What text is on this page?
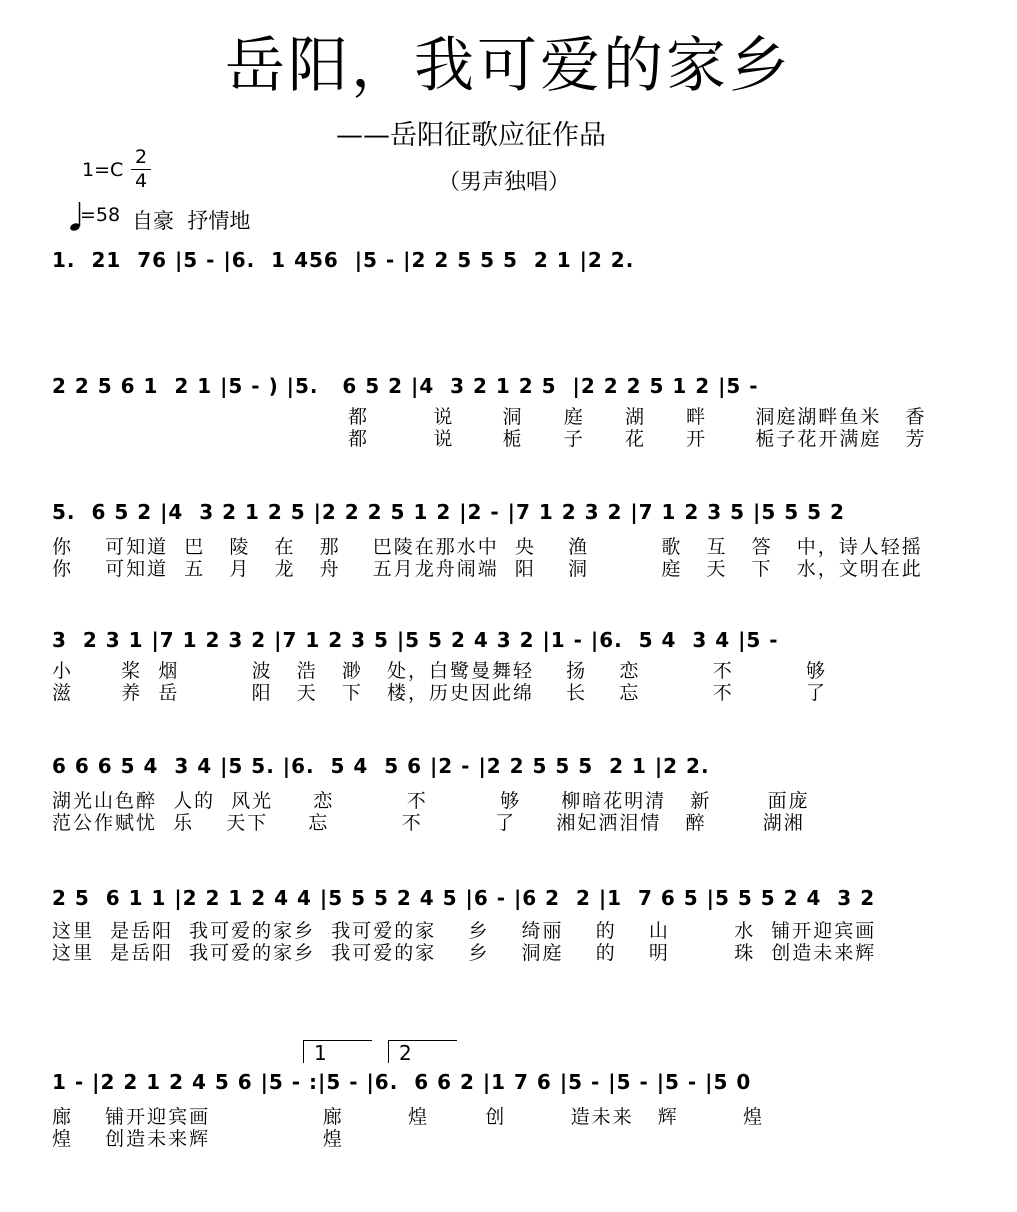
岳阳，我可爱的家乡
——岳阳征歌应征作品
（男声独唱）
1=C
2
4
=58 自豪  抒情地
1.  21  76 |5 - |6.  1 456  |5 - |2 2 5 5 5  2 1 |2 2.
2 2 5 6 1  2 1 |5 - ) |5.   6 5 2 |4  3 2 1 2 5  |2 2 2 5 1 2 |5 -
都        说      洞     庭     湖     畔      洞庭湖畔鱼米   香
都        说      栀     子     花     开      栀子花开满庭   芳
5.  6 5 2 |4  3 2 1 2 5 |2 2 2 5 1 2 |2 - |7 1 2 3 2 |7 1 2 3 5 |5 5 5 2
你    可知道  巴   陵   在   那    巴陵在那水中  央    渔         歌   互   答   中，诗人轻摇
你    可知道  五   月   龙   舟    五月龙舟闹端  阳    洞         庭   天   下   水，文明在此
3  2 3 1 |7 1 2 3 2 |7 1 2 3 5 |5 5 2 4 3 2 |1 - |6.  5 4  3 4 |5 -
小      桨  烟         波   浩   渺   处，白鹭曼舞轻    扬    恋         不         够
滋      养  岳         阳   天   下   楼，历史因此绵    长    忘         不         了
6 6 6 5 4  3 4 |5 5. |6.  5 4  5 6 |2 - |2 2 5 5 5  2 1 |2 2.
湖光山色醉  人的  风光     恋         不         够     柳暗花明清   新       面庞
范公作赋忧  乐    天下     忘         不         了     湘妃洒泪情   醉       湖湘
2 5  6 1 1 |2 2 1 2 4 4 |5 5 5 2 4 5 |6 - |6 2  2 |1  7 6 5 |5 5 5 2 4  3 2
这里  是岳阳  我可爱的家乡  我可爱的家    乡    绮丽    的    山        水  铺开迎宾画
这里  是岳阳  我可爱的家乡  我可爱的家    乡    洞庭    的    明        珠  创造未来辉
1	2
1 - |2 2 1 2 4 5 6 |5 - :|5 - |6.  6 6 2 |1 7 6 |5 - |5 - |5 - |5 0
廊    铺开迎宾画              廊        煌       创        造未来   辉        煌
煌    创造未来辉              煌
